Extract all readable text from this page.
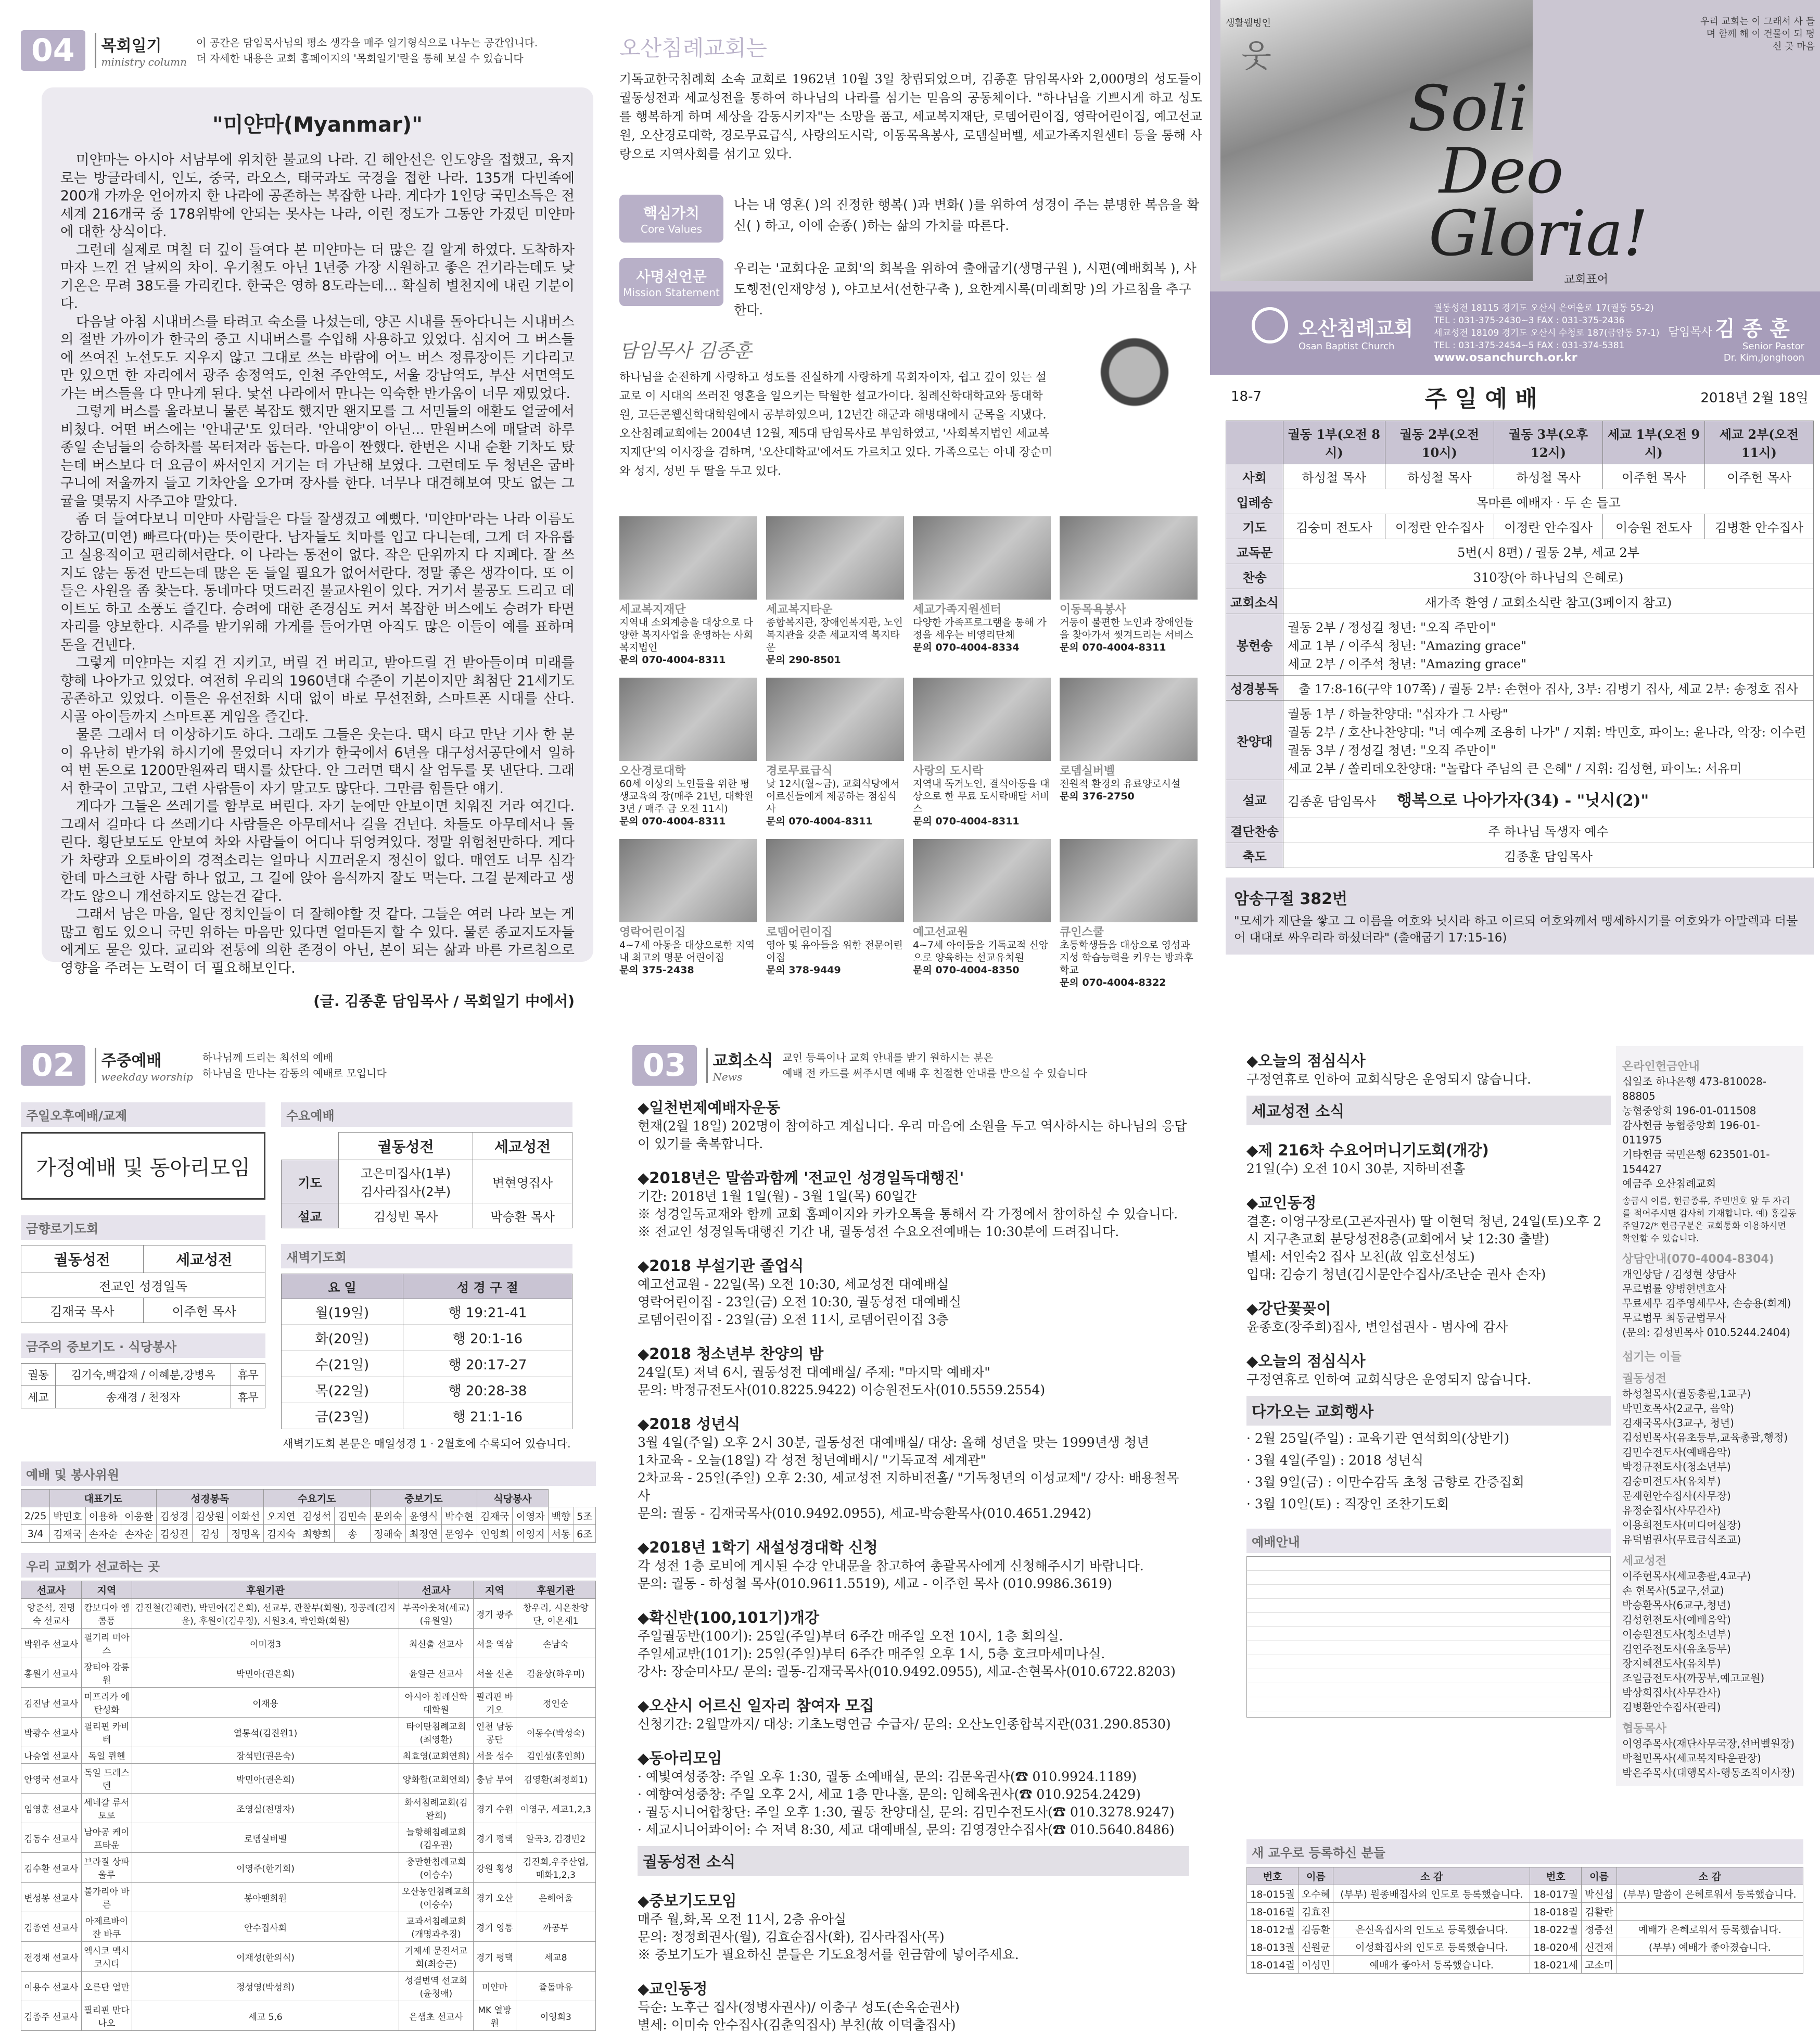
04	목회일기
ministry column
이 공간은 담임목사님의 평소 생각을 매주 일기형식으로 나누는 공간입니다.
더 자세한 내용은 교회 홈페이지의 '목회일기'란을 통해 보실 수 있습니다
"미얀마(Myanmar)"

미얀마는 아시아 서남부에 위치한 불교의 나라. 긴 해안선은 인도양을 접했고, 육지로는 방글라데시, 인도, 중국, 라오스, 태국과도 국경을 접한 나라. 135개 다민족에 200개 가까운 언어까지 한 나라에 공존하는 복잡한 나라. 게다가 1인당 국민소득은 전 세계 216개국 중 178위밖에 안되는 못사는 나라, 이런 정도가 그동안 가졌던 미얀마에 대한 상식이다.

그런데 실제로 며칠 더 깊이 들여다 본 미얀마는 더 많은 걸 알게 하였다. 도착하자마자 느낀 건 날씨의 차이. 우기철도 아닌 1년중 가장 시원하고 좋은 건기라는데도 낮기온은 무려 38도를 가리킨다. 한국은 영하 8도라는데... 확실히 별천지에 내린 기분이다.

다음날 아침 시내버스를 타려고 숙소를 나섰는데, 양곤 시내를 돌아다니는 시내버스의 절반 가까이가 한국의 중고 시내버스를 수입해 사용하고 있었다. 심지어 그 버스들에 쓰여진 노선도도 지우지 않고 그대로 쓰는 바람에 어느 버스 정류장이든 기다리고만 있으면 한 자리에서 광주 송정역도, 인천 주안역도, 서울 강남역도, 부산 서면역도 가는 버스들을 다 만나게 된다. 낯선 나라에서 만나는 익숙한 반가움이 너무 재밌었다.

그렇게 버스를 올라보니 물론 복잡도 했지만 왠지모를 그 서민들의 애환도 얼굴에서 비쳤다. 어떤 버스에는 '안내군'도 있더라. '안내양'이 아닌... 만원버스에 매달려 하루 종일 손님들의 승하차를 목터져라 돕는다. 마음이 짠했다. 한번은 시내 순환 기차도 탔는데 버스보다 더 요금이 싸서인지 거기는 더 가난해 보였다. 그런데도 두 청년은 굽바구니에 저울까지 들고 기차안을 오가며 장사를 한다. 너무나 대견해보여 맛도 없는 그 귤을 몇묶지 사주고야 말았다.

좀 더 들여다보니 미얀마 사람들은 다들 잘생겼고 예뻤다. '미얀마'라는 나라 이름도 강하고(미연) 빠르다(마)는 뜻이란다. 남자들도 치마를 입고 다니는데, 그게 더 자유롭고 실용적이고 편리해서란다. 이 나라는 동전이 없다. 작은 단위까지 다 지폐다. 잘 쓰지도 않는 동전 만드는데 많은 돈 들일 필요가 없어서란다. 정말 좋은 생각이다. 또 이들은 사원을 좀 찾는다. 동네마다 멋드러진 불교사원이 있다. 거기서 불공도 드리고 데이트도 하고 소풍도 즐긴다. 승려에 대한 존경심도 커서 복잡한 버스에도 승려가 타면 자리를 양보한다. 시주를 받기위해 가게를 들어가면 아직도 많은 이들이 예를 표하며 돈을 건넨다.

그렇게 미얀마는 지킬 건 지키고, 버릴 건 버리고, 받아드릴 건 받아들이며 미래를 향해 나아가고 있었다. 여전히 우리의 1960년대 수준이 기본이지만 최첨단 21세기도 공존하고 있었다. 이들은 유선전화 시대 없이 바로 무선전화, 스마트폰 시대를 산다. 시골 아이들까지 스마트폰 게임을 즐긴다.

물론 그래서 더 이상하기도 하다. 그래도 그들은 웃는다. 택시 타고 만난 기사 한 분이 유난히 반가워 하시기에 물었더니 자기가 한국에서 6년을 대구성서공단에서 일하여 번 돈으로 1200만원짜리 택시를 샀단다. 안 그러면 택시 살 엄두를 못 낸단다. 그래서 한국이 고맙고, 그런 사람들이 자기 말고도 많단다. 그만큼 힘들단 얘기.

게다가 그들은 쓰레기를 함부로 버린다. 자기 눈에만 안보이면 치워진 거라 여긴다. 그래서 길마다 다 쓰레기다 사람들은 아무데서나 길을 건넌다. 차들도 아무데서나 돌린다. 횡단보도도 안보여 차와 사람들이 어디나 뒤엉켜있다. 정말 위험천만하다. 게다가 차량과 오토바이의 경적소리는 얼마나 시끄러운지 정신이 없다. 매연도 너무 심각한데 마스크한 사람 하나 없고, 그 길에 앉아 음식까지 잘도 먹는다. 그걸 문제라고 생각도 않으니 개선하지도 않는건 같다.

그래서 남은 마음, 일단 정치인들이 더 잘해야할 것 같다. 그들은 여러 나라 보는 게 많고 힘도 있으니 국민 위하는 마음만 있다면 얼마든지 할 수 있다. 물론 종교지도자들에게도 묻은 있다. 교리와 전통에 의한 존경이 아닌, 본이 되는 삶과 바른 가르침으로 영향을 주려는 노력이 더 필요해보인다.

(글. 김종훈 담임목사 / 목회일기 中에서)
오산침례교회는
기독교한국침례회 소속 교회로 1962년 10월 3일 창립되었으며, 김종훈 담임목사와 2,000명의 성도들이 궐동성전과 세교성전을 통하여 하나님의 나라를 섬기는 믿음의 공동체이다. "하나님을 기쁘시게 하고 성도를 행복하게 하며 세상을 감동시키자"는 소망을 품고, 세교복지재단, 로뎀어린이집, 영락어린이집, 예고선교원, 오산경로대학, 경로무료급식, 사랑의도시락, 이동목욕봉사, 로뎀실버벨, 세교가족지원센터 등을 통해 사랑으로 지역사회를 섬기고 있다.
핵심가치
Core Values
나는 내 영혼( )의 진정한 행복( )과 변화( )를 위하여 성경이 주는 분명한 복음을 확신( ) 하고, 이에 순종( )하는 삶의 가치를 따른다.
사명선언문
Mission Statement
우리는 '교회다운 교회'의 회복을 위하여 출애굽기(생명구원 ), 시편(예배회복 ), 사도행전(인재양성 ), 야고보서(선한구축 ), 요한계시록(미래희망 )의 가르침을 추구한다.
담임목사 김종훈
하나님을 순전하게 사랑하고 성도를 진실하게 사랑하게 목회자이자, 쉽고 깊이 있는 설교로 이 시대의 쓰러진 영혼을 일으키는 탁월한 설교가이다. 침례신학대학교와 동대학원, 고든콘웰신학대학원에서 공부하였으며, 12년간 해군과 해병대에서 군목을 지냈다. 오산침례교회에는 2004년 12월, 제5대 담임목사로 부임하였고, '사회복지법인 세교복지재단'의 이사장을 겸하며, '오산대학교'에서도 가르치고 있다. 가족으로는 아내 장순미와 성지, 성빈 두 딸을 두고 있다.
세교복지재단
지역내 소외계층을 대상으로 다양한 복지사업을 운영하는 사회복지법인
문의 070-4004-8311
세교복지타운
종합복지관, 장애인복지관, 노인복지관을 갖춘 세교지역 복지타운
문의 290-8501
세교가족지원센터
다양한 가족프로그램을 통해 가정을 세우는 비영리단체
문의 070-4004-8334
이동목욕봉사
거동이 불편한 노인과 장애인들을 찾아가서 씻겨드리는 서비스
문의 070-4004-8311
오산경로대학
60세 이상의 노인들을 위한 평생교육의 장(매주 21년, 대학원 3년 / 매주 금 오전 11시)
문의 070-4004-8311
경로무료급식
낮 12시(월~금), 교회식당에서 어르신들에게 제공하는 점심식사
문의 070-4004-8311
사랑의 도시락
지역내 독거노인, 결식아동을 대상으로 한 무료 도시락배달 서비스
문의 070-4004-8311
로뎀실버벨
전원적 환경의 유료양로시설
문의 376-2750
영락어린이집
4~7세 아동을 대상으로한 지역내 최고의 명문 어린이집
문의 375-2438
로뎀어린이집
영아 및 유아들을 위한 전문어린이집
문의 378-9449
예고선교원
4~7세 아이들을 기독교적 신앙으로 양육하는 선교유치원
문의 070-4004-8350
큐인스쿨
초등학생들을 대상으로 영성과 지성 학습능력을 키우는 방과후학교
문의 070-4004-8322
생활웰빙인
웃
우리 교회는 이 그래서 사 들며 함께 해 이 건물이 되 평신 곳 마음
Soli
Deo
Gloria!
교회표어
오산침례교회
Osan Baptist Church
궐동성전 18115 경기도 오산시 은여울로 17(궐동 55-2)
TEL : 031-375-2430~3 FAX : 031-375-2436
세교성전 18109 경기도 오산시 수청로 187(금암동 57-1)
TEL : 031-375-2454~5 FAX : 031-374-5381
www.osanchurch.or.kr
담임목사 김 종 훈
Senior Pastor
Dr. Kim,Jonghoon
18-7	주 일 예 배	2018년 2월 18일
	궐동 1부(오전 8시)	궐동 2부(오전 10시)	궐동 3부(오후 12시)	세교 1부(오전 9시)	세교 2부(오전 11시)
사회	하성철 목사	하성철 목사	하성철 목사	이주헌 목사	이주헌 목사
입례송	목마른 예배자 · 두 손 들고				
기도	김숭미 전도사	이정란 안수집사	이정란 안수집사	이승원 전도사	김병환 안수집사
교독문	5번(시 8편) / 궐동 2부, 세교 2부				
찬송	310장(아 하나님의 은혜로)				
교회소식	새가족 환영 / 교회소식란 참고(3페이지 참고)				
봉헌송	궐동 2부 / 정성길 청년: "오직 주만이"
세교 1부 / 이주석 청년: "Amazing grace"
세교 2부 / 이주석 청년: "Amazing grace"				

성경봉독	출 17:8-16(구약 107쪽) / 궐동 2부: 손현아 집사, 3부: 김병기 집사, 세교 2부: 송정호 집사				
찬양대	궐동 1부 / 하늘찬양대: "십자가 그 사랑"
궐동 2부 / 호산나찬양대: "너 예수께 조용히 나가" / 지휘: 박민호, 파이노: 윤나라, 악장: 이수련
궐동 3부 / 정성길 청년: "오직 주만이"
세교 2부 / 쏠리데오찬양대: "놀랍다 주님의 큰 은혜" / 지휘: 김성현, 파이노: 서유미				

설교	김종훈 담임목사 행복으로 나아가자(34) - "닛시(2)"				
결단찬송	주 하나님 독생자 예수				
축도	김종훈 담임목사				
암송구절 382번
"모세가 제단을 쌓고 그 이름을 여호와 닛시라 하고 이르되 여호와께서 맹세하시기를 여호와가 아말렉과 더불어 대대로 싸우리라 하셨더라" (출애굽기 17:15-16)
02	주중예배
weekday worship
하나님께 드리는 최선의 예배
하나님을 만나는 감동의 예배로 모입니다
주일오후예배/교제
가정예배 및 동아리모임
금향로기도회
궐동성전	세교성전
전교인 성경일독	
김재국 목사	이주헌 목사
금주의 중보기도 · 식당봉사
궐동	김기숙,백갑재 / 이혜분,강병옥	휴무
세교	송재경 / 천정자	휴무
수요예배
	궐동성전	세교성전
기도	고은미집사(1부)
김사라집사(2부)	변현영집사
설교	김성빈 목사	박승환 목사
새벽기도회
요 일	성 경 구 절
월(19일)	행 19:21-41
화(20일)	행 20:1-16
수(21일)	행 20:17-27
목(22일)	행 20:28-38
금(23일)	행 21:1-16
새벽기도회 본문은 매일성경 1 · 2월호에 수록되어 있습니다.
예배 및 봉사위원
	대표기도			성경봉독			수요기도			중보기도			식당봉사			
2/25	박민호	이용하	이웅환	김성경	김상원	이화선	오지연	김성석	김민숙	문외숙	윤영식	박수현	김재국	이영자	백향	5조
3/4	김재국	손자순	손자순	김성진	김성	정명옥	김지숙	최향희	송	정해숙	최정연	문영수	인영희	이영지	서동	6조
우리 교회가 선교하는 곳
선교사	지역	후원기관	선교사	지역	후원기관
양준석, 진명숙 선교사	캄보디아 엠콤퐁	김진철(김혜련), 박민아(김은희), 선교부, 관찰부(회원), 정공례(김지윤), 후원이(김우정), 시원3.4, 박인화(회원)	부곡아웃쳐(세교)(유원일)	경기 광주	창우리, 시온찬양단, 이온새1
박원주 선교사	필기리 미아스	이미정3	최신출 선교사	서울 역삼	손남숙
홍원기 선교사	장티아 강릉원	박민아(권은희)	윤일근 선교사	서울 신촌	김윤상(하우미)
김진남 선교사	미프리카 에탄성화	이재용	아시아 침례신학대학원	필리핀 바기오	정인순
박광수 선교사	필리핀 카비테	열통석(김진원1)	타이탄침례교회(최영환)	인천 남동공단	이동수(박성숙)
나승열 선교사	독일 뮌헨	장석민(권은숙)	최효영(교회연희)	서울 성수	김인성(홍인희)
안영국 선교사	독일 드레스덴	박민아(권은희)	양화합(교회연희)	충남 부여	김영환(최정희1)
임영훈 선교사	세네갈 류서토로	조영실(전명자)	화서침례교회(김완희)	경기 수원	이영구, 세교1,2,3
김동수 선교사	남아공 케이프타운	로뎀실버벨	늘항해침례교회(김우권)	경기 평택	알곡3, 김경빈2
김수환 선교사	브라질 상파울루	이영주(한기희)	충만한침례교회(이승수)	강원 횡성	김진희,우주산업, 매화1,2,3
변성봉 선교사	불가리아 바른	봉아팬회원	오산농인침례교회(이승수)	경기 오산	은혜어울
김종연 선교사	아제르바이잔 바쿠	안수집사회	교과서침례교회(개명과추징)	경기 영통	까공부
전경재 선교사	엑시코 멕시코시티	이재성(한의식)	거제세 문진서교회(최승근)	경기 평택	세교8
이용수 선교사	오른단 얼만	정성영(박성희)	성결번역 선교회(윤청애)	미얀마	쥴돌마유
김종주 선교사	필리핀 만다나오	세교 5,6	은샘초 선교사	MK 열방원	이영희3
03	교회소식
News
교인 등록이나 교회 안내를 받기 원하시는 분은
예배 전 카드를 써주시면 예배 후 친절한 안내를 받으실 수 있습니다
◆일천번제예배자운동

현재(2월 18일) 202명이 참여하고 계십니다. 우리 마음에 소원을 두고 역사하시는 하나님의 응답이 있기를 축복합니다.

◆2018년은 말씀과함께 '전교인 성경일독대행진'

기간: 2018년 1월 1일(월) - 3월 1일(목) 60일간
※ 성경일독교재와 함께 교회 홈페이지와 카카오톡을 통해서 각 가정에서 참여하실 수 있습니다.
※ 전교인 성경일독대행진 기간 내, 궐동성전 수요오전예배는 10:30분에 드려집니다.

◆2018 부설기관 졸업식

예고선교원 - 22일(목) 오전 10:30, 세교성전 대예배실
영락어린이집 - 23일(금) 오전 10:30, 궐동성전 대예배실
로뎀어린이집 - 23일(금) 오전 11시, 로뎀어린이집 3층

◆2018 청소년부 찬양의 밤

24일(토) 저녁 6시, 궐동성전 대예배실/ 주제: "마지막 예배자"
문의: 박정규전도사(010.8225.9422) 이승원전도사(010.5559.2554)

◆2018 성년식

3월 4일(주일) 오후 2시 30분, 궐동성전 대예배실/ 대상: 올해 성년을 맞는 1999년생 청년
1차교육 - 오늘(18일) 각 성전 청년예배시/ "기독교적 세계관"
2차교육 - 25일(주일) 오후 2:30, 세교성전 지하비전홀/ "기독청년의 이성교제"/ 강사: 배용철목사
문의: 궐동 - 김재국목사(010.9492.0955), 세교-박승환목사(010.4651.2942)

◆2018년 1학기 새설성경대학 신청

각 성전 1층 로비에 게시된 수강 안내문을 참고하여 총괄목사에게 신청해주시기 바랍니다.
문의: 궐동 - 하성철 목사(010.9611.5519), 세교 - 이주헌 목사 (010.9986.3619)

◆확신반(100,101기)개강

주일궐동반(100기): 25일(주일)부터 6주간 매주일 오전 10시, 1층 회의실.
주일세교반(101기): 25일(주일)부터 6주간 매주일 오후 1시, 5층 호크마세미나실.
강사: 장순미사모/ 문의: 궐동-김재국목사(010.9492.0955), 세교-손현목사(010.6722.8203)

◆오산시 어르신 일자리 참여자 모집

신청기간: 2월말까지/ 대상: 기초노령연금 수급자/ 문의: 오산노인종합복지관(031.290.8530)

◆동아리모임

· 예빛여성중창: 주일 오후 1:30, 궐동 소예배실, 문의: 김문옥권사(☎ 010.9924.1189)
· 예향여성중창: 주일 오후 2시, 세교 1층 만나홀, 문의: 임혜옥권사(☎ 010.9254.2429)
· 궐동시니어합창단: 주일 오후 1:30, 궐동 찬양대실, 문의: 김민수전도사(☎ 010.3278.9247)
· 세교시니어콰이어: 수 저녁 8:30, 세교 대예배실, 문의: 김영경안수집사(☎ 010.5640.8486)

궐동성전 소식
◆중보기도모임

매주 월,화,목 오전 11시, 2층 유아실
문의: 정정희권사(월), 김효순집사(화), 김사라집사(목)
※ 중보기도가 필요하신 분들은 기도요청서를 헌금함에 넣어주세요.

◆교인동정

득순: 노후근 집사(정병자권사)/ 이충구 성도(손옥순권사)
별세: 이미숙 안수집사(김춘익집사) 부친(故 이덕출집사)

◆오늘의 점심식사

구정연휴로 인하여 교회식당은 운영되지 않습니다.

세교성전 소식
◆제 216차 수요어머니기도회(개강)

21일(수) 오전 10시 30분, 지하비전홀

◆교인동정

결혼: 이영구장로(고굔자권사) 딸 이현덕 청년, 24일(토)오후 2시 지구촌교회 분당성전8층(교회에서 낮 12:30 출발)
별세: 서인숙2 집사 모친(故 임호선성도)
입대: 김승기 청년(김시문안수집사/조난순 권사 손자)

◆강단꽃꽂이

윤종호(장주희)집사, 변일섭권사 - 범사에 감사

◆오늘의 점심식사

구정연휴로 인하여 교회식당은 운영되지 않습니다.

다가오는 교회행사

· 2월 25일(주일) : 교육기관 연석회의(상반기)

· 3월 4일(주일) : 2018 성년식

· 3월 9일(금) : 이만수감독 초청 금향로 간증집회

· 3월 10일(토) : 직장인 조찬기도회

예배안내
온라인헌금안내
십일조 하나은행 473-810028-88805
농협중앙회 196-01-011508
감사헌금 농협중앙회 196-01-011975
기타헌금 국민은행 623501-01-154427
예금주 오산침례교회
송금시 이름, 헌금종류, 주민번호 앞 두 자리를 적어주시면 감사히 기재합니다. 예) 홍길동주일72/* 헌금구분은 교회통화 이용하시면 확인할 수 있습니다.
상담안내(070-4004-8304)
개인상담 / 김성현 상담사
무료법률 양병현변호사
무료세무 김주영세무사, 손승용(회계)
무료법무 최동균법무사
(문의: 김성빈목사 010.5244.2404)
섬기는 이들
궐동성전
하성철목사(궐동총괄,1교구)
박민호목사(2교구, 음악)
김재국목사(3교구, 청년)
김성빈목사(유초등부,교육총괄,행정)
김민수전도사(예배음악)
박정규전도사(청소년부)
김숭미전도사(유치부)
문재현안수집사(사무장)
유정순집사(사무간사)
이용희전도사(미디어실장)
유덕범권사(무료급식조교)
세교성전
이주헌목사(세교총괄,4교구)
손 현목사(5교구,선교)
박승환목사(6교구,청년)
김성현전도사(예배음악)
이승원전도사(청소년부)
김연주전도사(유초등부)
장지혜전도사(유치부)
조일금전도사(까꿍부,예고교원)
박상희집사(사무간사)
김병환안수집사(관리)
협동목사
이영주목사(재단사무국장,선버벨원장)
박철민목사(세교복지타운관장)
박은주목사(대행목사-행동조직이사장)
새 교우로 등록하신 분들
번호	이름	소 감	번호	이름	소 감
18-015궐	오수혜	(부부) 원종배집사의 인도로 등록했습니다.	18-017궐	박신섭	(부부) 말씀이 은혜로워서 등록했습니다.
18-016궐	김효진		18-018궐	김활란	
18-012궐	김동환	은신옥집사의 인도로 등록했습니다.	18-022궐	정중선	예배가 은혜로워서 등록했습니다.
18-013궐	신원균	이성화집사의 인도로 등록했습니다.	18-020세	신건재	(부부) 예배가 좋아졌습니다.
18-014궐	이성민	예배가 좋아서 등록했습니다.	18-021세	고소미	
